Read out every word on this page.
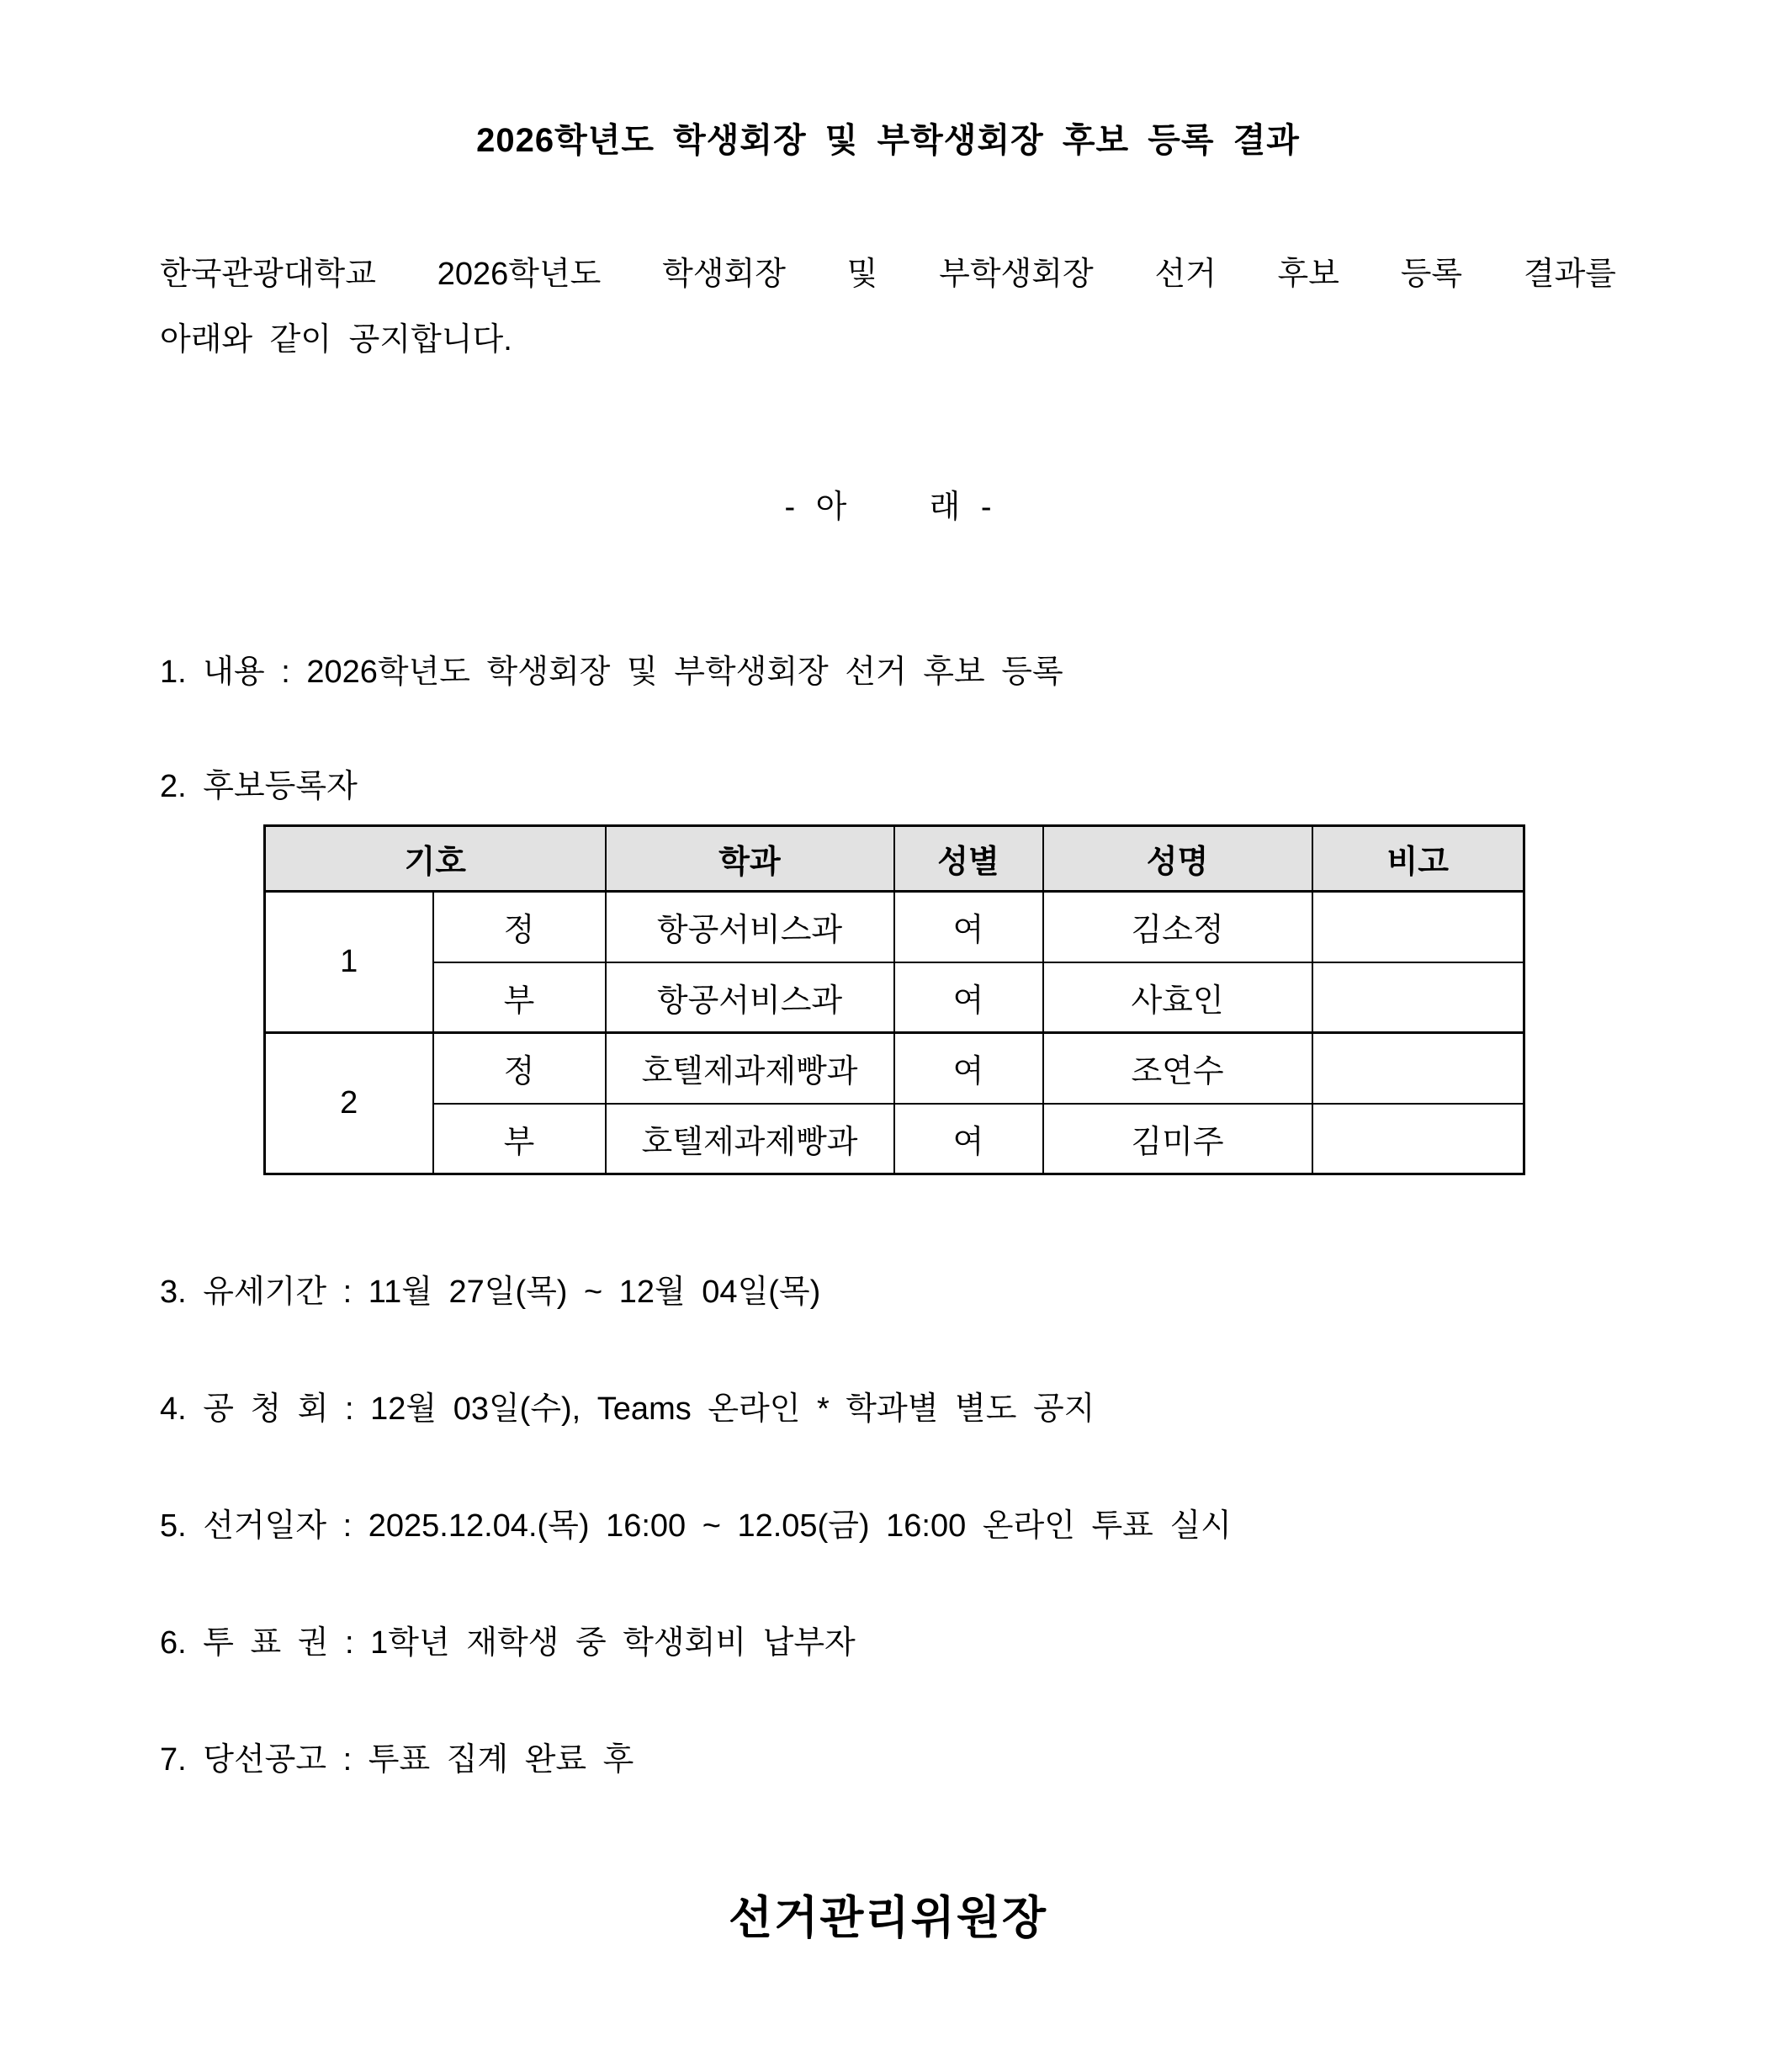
2026학년도 학생회장 및 부학생회장 후보 등록 결과

한국관광대학교 2026학년도 학생회장 및 부학생회장 선거 후보 등록 결과를

아래와 같이 공지합니다.

- 아    래 -
1. 내용 : 2026학년도 학생회장 및 부학생회장 선거 후보 등록
2. 후보등록자
기호		학과	성별	성명	비고
1	정	항공서비스과	여	김소정	
	부	항공서비스과	여	사효인	
2	정	호텔제과제빵과	여	조연수	
	부	호텔제과제빵과	여	김미주	
3. 유세기간 : 11월 27일(목) ~ 12월 04일(목)
4. 공 청 회 : 12월 03일(수), Teams 온라인 * 학과별 별도 공지
5. 선거일자 : 2025.12.04.(목) 16:00 ~ 12.05(금) 16:00 온라인 투표 실시
6. 투 표 권 : 1학년 재학생 중 학생회비 납부자
7. 당선공고 : 투표 집계 완료 후
선거관리위원장
